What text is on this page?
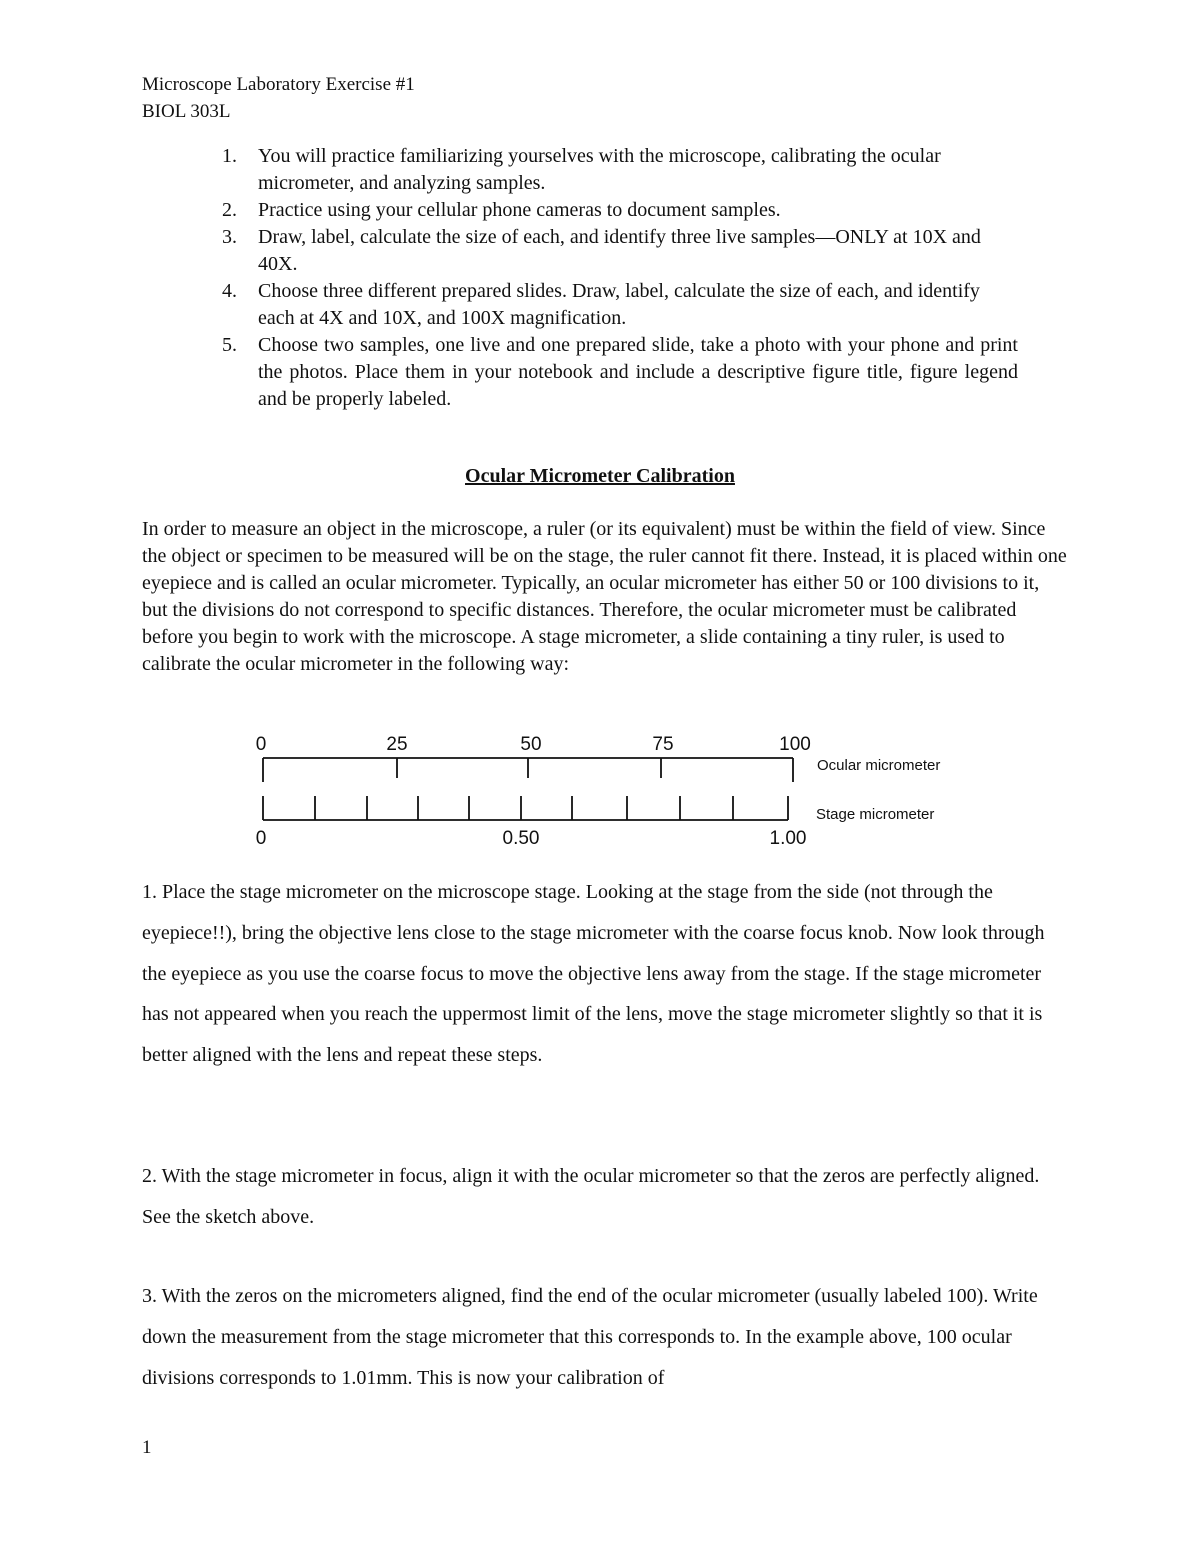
Microscope Laboratory Exercise #1
BIOL 303L
1. You will practice familiarizing yourselves with the microscope, calibrating the ocular micrometer, and analyzing samples.
2. Practice using your cellular phone cameras to document samples.
3. Draw, label, calculate the size of each, and identify three live samples—ONLY at 10X and 40X.
4. Choose three different prepared slides. Draw, label, calculate the size of each, and identify each at 4X and 10X, and 100X magnification.
5. Choose two samples, one live and one prepared slide, take a photo with your phone and print the photos. Place them in your notebook and include a descriptive figure title, figure legend and be properly labeled.
Ocular Micrometer Calibration

In order to measure an object in the microscope, a ruler (or its equivalent) must be within the field of view. Since the object or specimen to be measured will be on the stage, the ruler cannot fit there. Instead, it is placed within one eyepiece and is called an ocular micrometer. Typically, an ocular micrometer has either 50 or 100 divisions to it, but the divisions do not correspond to specific distances. Therefore, the ocular micrometer must be calibrated before you begin to work with the microscope. A stage micrometer, a slide containing a tiny ruler, is used to calibrate the ocular micrometer in the following way:

0	25	50	75	100
Ocular micrometer
Stage micrometer
0	0.50	1.00

1. Place the stage micrometer on the microscope stage. Looking at the stage from the side (not through the eyepiece!!), bring the objective lens close to the stage micrometer with the coarse focus knob. Now look through the eyepiece as you use the coarse focus to move the objective lens away from the stage. If the stage micrometer has not appeared when you reach the uppermost limit of the lens, move the stage micrometer slightly so that it is better aligned with the lens and repeat these steps.

2. With the stage micrometer in focus, align it with the ocular micrometer so that the zeros are perfectly aligned. See the sketch above.

3. With the zeros on the micrometers aligned, find the end of the ocular micrometer (usually labeled 100). Write down the measurement from the stage micrometer that this corresponds to. In the example above, 100 ocular divisions corresponds to 1.01mm. This is now your calibration of

1
